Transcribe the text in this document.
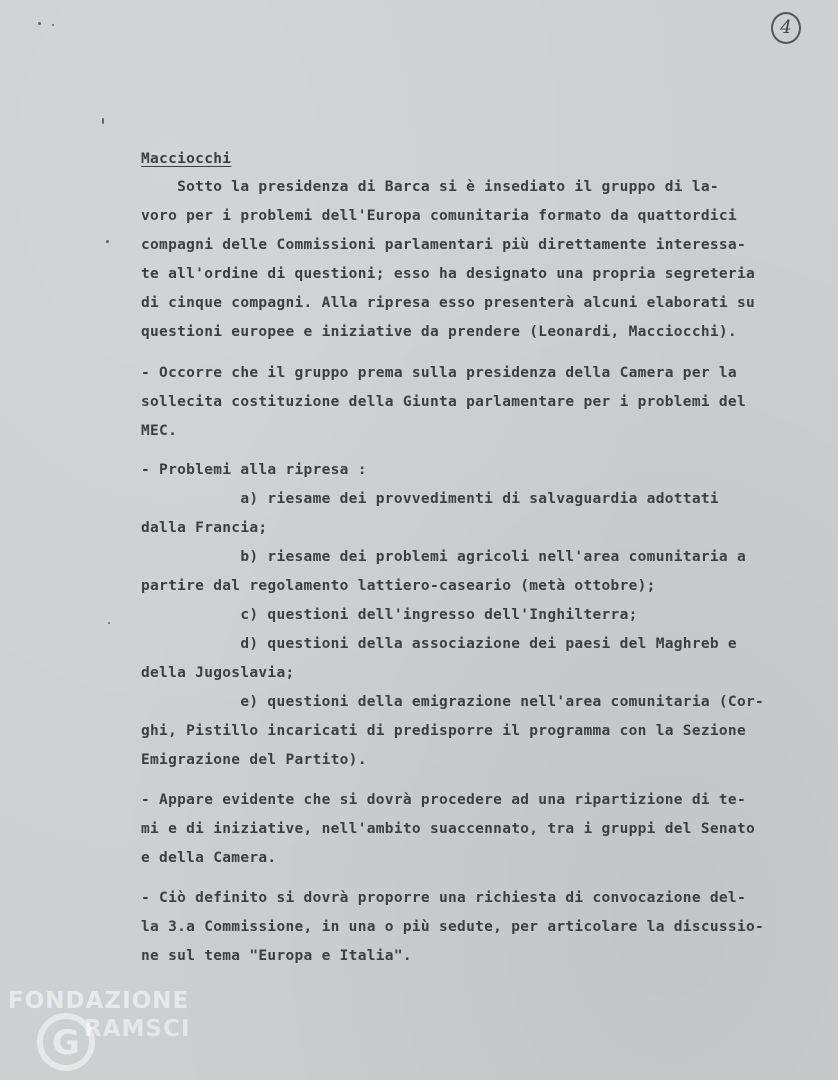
4

Macciocchi

Sotto la presidenza di Barca si è insediato il gruppo di la-

voro per i problemi dell'Europa comunitaria formato da quattordici

compagni delle Commissioni parlamentari più direttamente interessa-

te all'ordine di questioni; esso ha designato una propria segreteria

di cinque compagni. Alla ripresa esso presenterà alcuni elaborati su

questioni europee e iniziative da prendere (Leonardi, Macciocchi).

- Occorre che il gruppo prema sulla presidenza della Camera per la

sollecita costituzione della Giunta parlamentare per i problemi del

MEC.

- Problemi alla ripresa :

a) riesame dei provvedimenti di salvaguardia adottati

dalla Francia;

b) riesame dei problemi agricoli nell'area comunitaria a

partire dal regolamento lattiero-caseario (metà ottobre);

c) questioni dell'ingresso dell'Inghilterra;

d) questioni della associazione dei paesi del Maghreb e

della Jugoslavia;

e) questioni della emigrazione nell'area comunitaria (Cor-

ghi, Pistillo incaricati di predisporre il programma con la Sezione

Emigrazione del Partito).

- Appare evidente che si dovrà procedere ad una ripartizione di te-

mi e di iniziative, nell'ambito suaccennato, tra i gruppi del Senato

e della Camera.

- Ciò definito si dovrà proporre una richiesta di convocazione del-

la 3.a Commissione, in una o più sedute, per articolare la discussio-

ne sul tema "Europa e Italia".

FONDAZIONE

G RAMSCI
